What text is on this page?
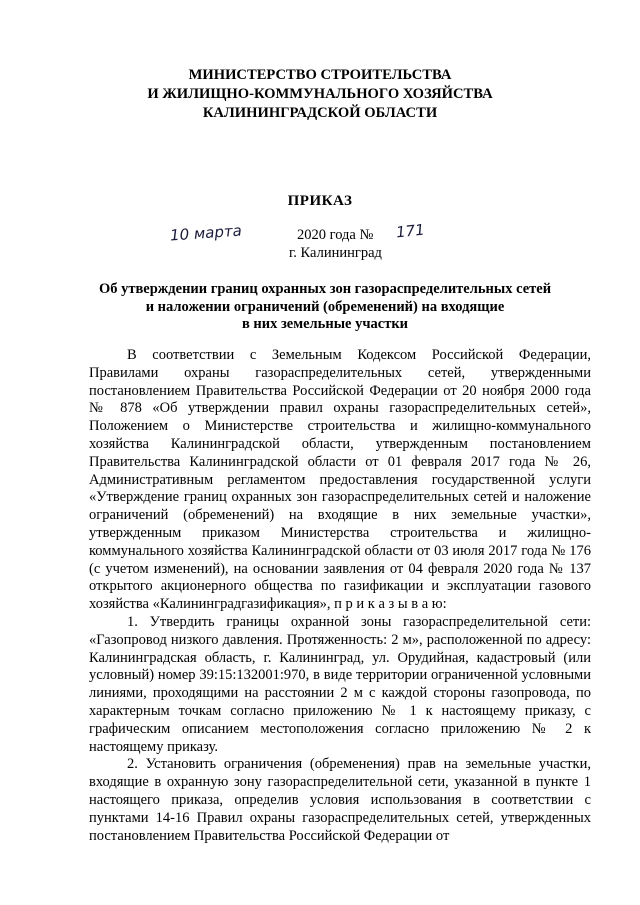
МИНИСТЕРСТВО СТРОИТЕЛЬСТВА
И ЖИЛИЩНО-КОММУНАЛЬНОГО ХОЗЯЙСТВА
КАЛИНИНГРАДСКОЙ ОБЛАСТИ
ПРИКАЗ
10 марта	2020 года № 171
г. Калининград
Об утверждении границ охранных зон газораспределительных сетей
и наложении ограничений (обременений) на входящие
в них земельные участки

В соответствии с Земельным Кодексом Российской Федерации, Правилами охраны газораспределительных сетей, утвержденными постановлением Правительства Российской Федерации от 20 ноября 2000 года № 878 «Об утверждении правил охраны газораспределительных сетей», Положением о Министерстве строительства и жилищно-коммунального хозяйства Калининградской области, утвержденным постановлением Правительства Калининградской области от 01 февраля 2017 года № 26, Административным регламентом предоставления государственной услуги «Утверждение границ охранных зон газораспределительных сетей и наложение ограничений (обременений) на входящие в них земельные участки», утвержденным приказом Министерства строительства и жилищно-коммунального хозяйства Калининградской области от 03 июля 2017 года № 176 (с учетом изменений), на основании заявления от 04 февраля 2020 года № 137 открытого акционерного общества по газификации и эксплуатации газового хозяйства «Калининградгазификация», п р и к а з ы в а ю:

1. Утвердить границы охранной зоны газораспределительной сети: «Газопровод низкого давления. Протяженность: 2 м», расположенной по адресу: Калининградская область, г. Калининград, ул. Орудийная, кадастровый (или условный) номер 39:15:132001:970, в виде территории ограниченной условными линиями, проходящими на расстоянии 2 м с каждой стороны газопровода, по характерным точкам согласно приложению № 1 к настоящему приказу, с графическим описанием местоположения согласно приложению № 2 к настоящему приказу.

2. Установить ограничения (обременения) прав на земельные участки, входящие в охранную зону газораспределительной сети, указанной в пункте 1 настоящего приказа, определив условия использования в соответствии с пунктами 14-16 Правил охраны газораспределительных сетей, утвержденных постановлением Правительства Российской Федерации от
